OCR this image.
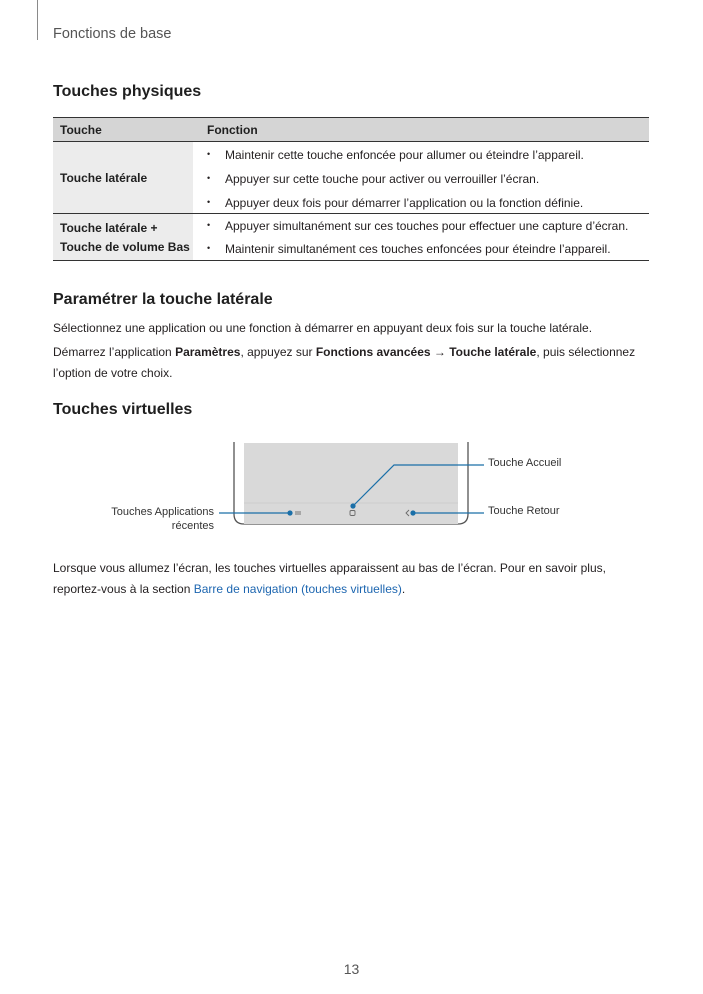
Fonctions de base
Touches physiques
Touche	Fonction
Touche latérale
Maintenir cette touche enfoncée pour allumer ou éteindre l’appareil.
Appuyer sur cette touche pour activer ou verrouiller l’écran.
Appuyer deux fois pour démarrer l’application ou la fonction définie.
Touche latérale +
Touche de volume Bas
Appuyer simultanément sur ces touches pour effectuer une capture d’écran.
Maintenir simultanément ces touches enfoncées pour éteindre l’appareil.
Paramétrer la touche latérale
Sélectionnez une application ou une fonction à démarrer en appuyant deux fois sur la touche latérale.
Démarrez l’application Paramètres, appuyez sur Fonctions avancées → Touche latérale, puis sélectionnez
l’option de votre choix.
Touches virtuelles
Touche Accueil
Touche Retour
Touches Applications
récentes
Lorsque vous allumez l’écran, les touches virtuelles apparaissent au bas de l’écran. Pour en savoir plus,
reportez-vous à la section Barre de navigation (touches virtuelles).
13
